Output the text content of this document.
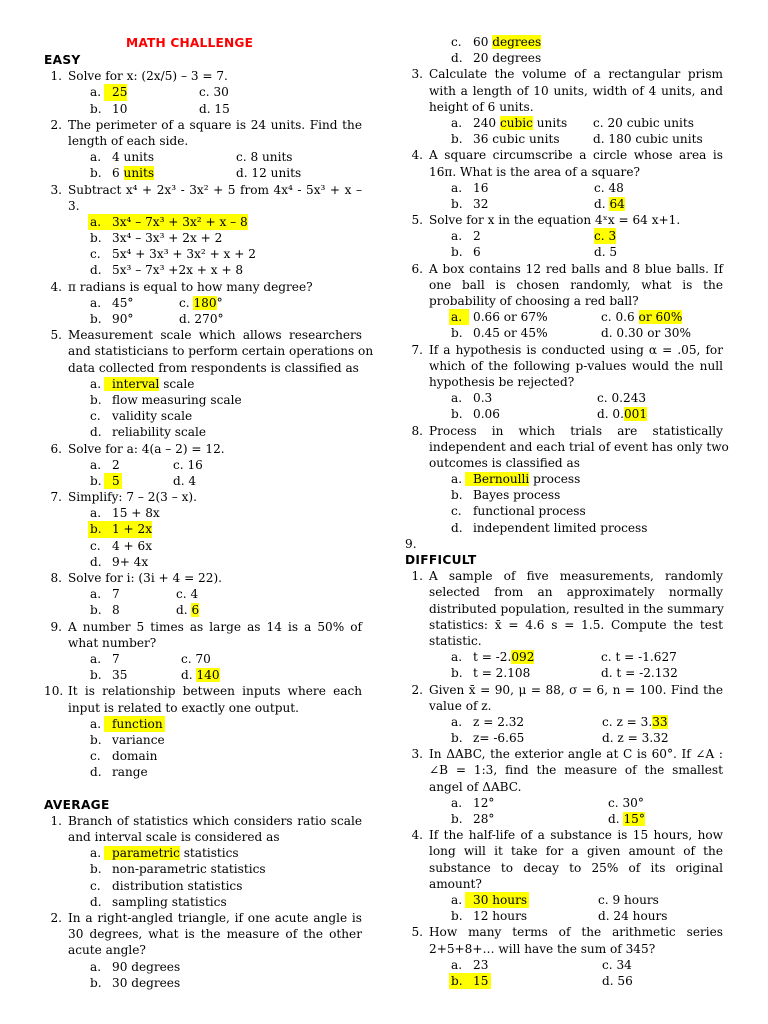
MATH CHALLENGE
EASY
1. Solve for x: (2x/5) – 3 = 7.
a. 25	c. 30
b. 10	d. 15
2. The perimeter of a square is 24 units. Find the
length of each side.
a. 4 units	c. 8 units
b. 6 units	d. 12 units
3. Subtract x⁴ + 2x³ - 3x² + 5 from 4x⁴ - 5x³ + x –
3.
a. 3x⁴ – 7x³ + 3x² + x – 8
b. 3x⁴ – 3x³ + 2x + 2
c. 5x⁴ + 3x³ + 3x² + x + 2
d. 5x³ – 7x³ +2x + x + 8
4. π radians is equal to how many degree?
a. 45°	c. 180°
b. 90°	d. 270°
5. Measurement scale which allows researchers
and statisticians to perform certain operations on
data collected from respondents is classified as
a. interval scale
b. flow measuring scale
c. validity scale
d. reliability scale
6. Solve for a: 4(a – 2) = 12.
a. 2	c. 16
b. 5	d. 4
7. Simplify: 7 – 2(3 – x).
a. 15 + 8x
b. 1 + 2x
c. 4 + 6x
d. 9+ 4x
8. Solve for i: (3i + 4 = 22).
a. 7	c. 4
b. 8	d. 6
9. A number 5 times as large as 14 is a 50% of
what number?
a. 7	c. 70
b. 35	d. 140
10. It is relationship between inputs where each
input is related to exactly one output.
a. function
b. variance
c. domain
d. range
AVERAGE
1. Branch of statistics which considers ratio scale
and interval scale is considered as
a. parametric statistics
b. non-parametric statistics
c. distribution statistics
d. sampling statistics
2. In a right-angled triangle, if one acute angle is
30 degrees, what is the measure of the other
acute angle?
a. 90 degrees
b. 30 degrees
c. 60 degrees
d. 20 degrees
3. Calculate the volume of a rectangular prism
with a length of 10 units, width of 4 units, and
height of 6 units.
a. 240 cubic units c. 20 cubic units
b. 36 cubic units	d. 180 cubic units
4. A square circumscribe a circle whose area is
16π. What is the area of a square?
a. 16	c. 48
b. 32	d. 64
5. Solve for x in the equation 4ˣx = 64 x+1.
a. 2	c. 3
b. 6	d. 5
6. A box contains 12 red balls and 8 blue balls. If
one ball is chosen randomly, what is the
probability of choosing a red ball?
a. 0.66 or 67%	c. 0.6 or 60%
b. 0.45 or 45%	d. 0.30 or 30%
7. If a hypothesis is conducted using α = .05, for
which of the following p-values would the null
hypothesis be rejected?
a. 0.3	c. 0.243
b. 0.06	d. 0.001
8. Process in which trials are statistically
independent and each trial of event has only two
outcomes is classified as
a. Bernoulli process
b. Bayes process
c. functional process
d. independent limited process
9.
DIFFICULT
1. A sample of five measurements, randomly
selected from an approximately normally
distributed population, resulted in the summary
statistics: x̄ = 4.6 s = 1.5. Compute the test
statistic.
a. t = -2.092	c. t = -1.627
b. t = 2.108	d. t = -2.132
2. Given x̄ = 90, μ = 88, σ = 6, n = 100. Find the
value of z.
a. z = 2.32	c. z = 3.33
b. z= -6.65	d. z = 3.32
3. In ΔABC, the exterior angle at C is 60°. If ∠A :
∠B = 1:3, find the measure of the smallest
angel of ΔABC.
a. 12°	c. 30°
b. 28°	d. 15°
4. If the half-life of a substance is 15 hours, how
long will it take for a given amount of the
substance to decay to 25% of its original
amount?
a. 30 hours	c. 9 hours
b. 12 hours	d. 24 hours
5. How many terms of the arithmetic series
2+5+8+… will have the sum of 345?
a. 23	c. 34
b. 15	d. 56
